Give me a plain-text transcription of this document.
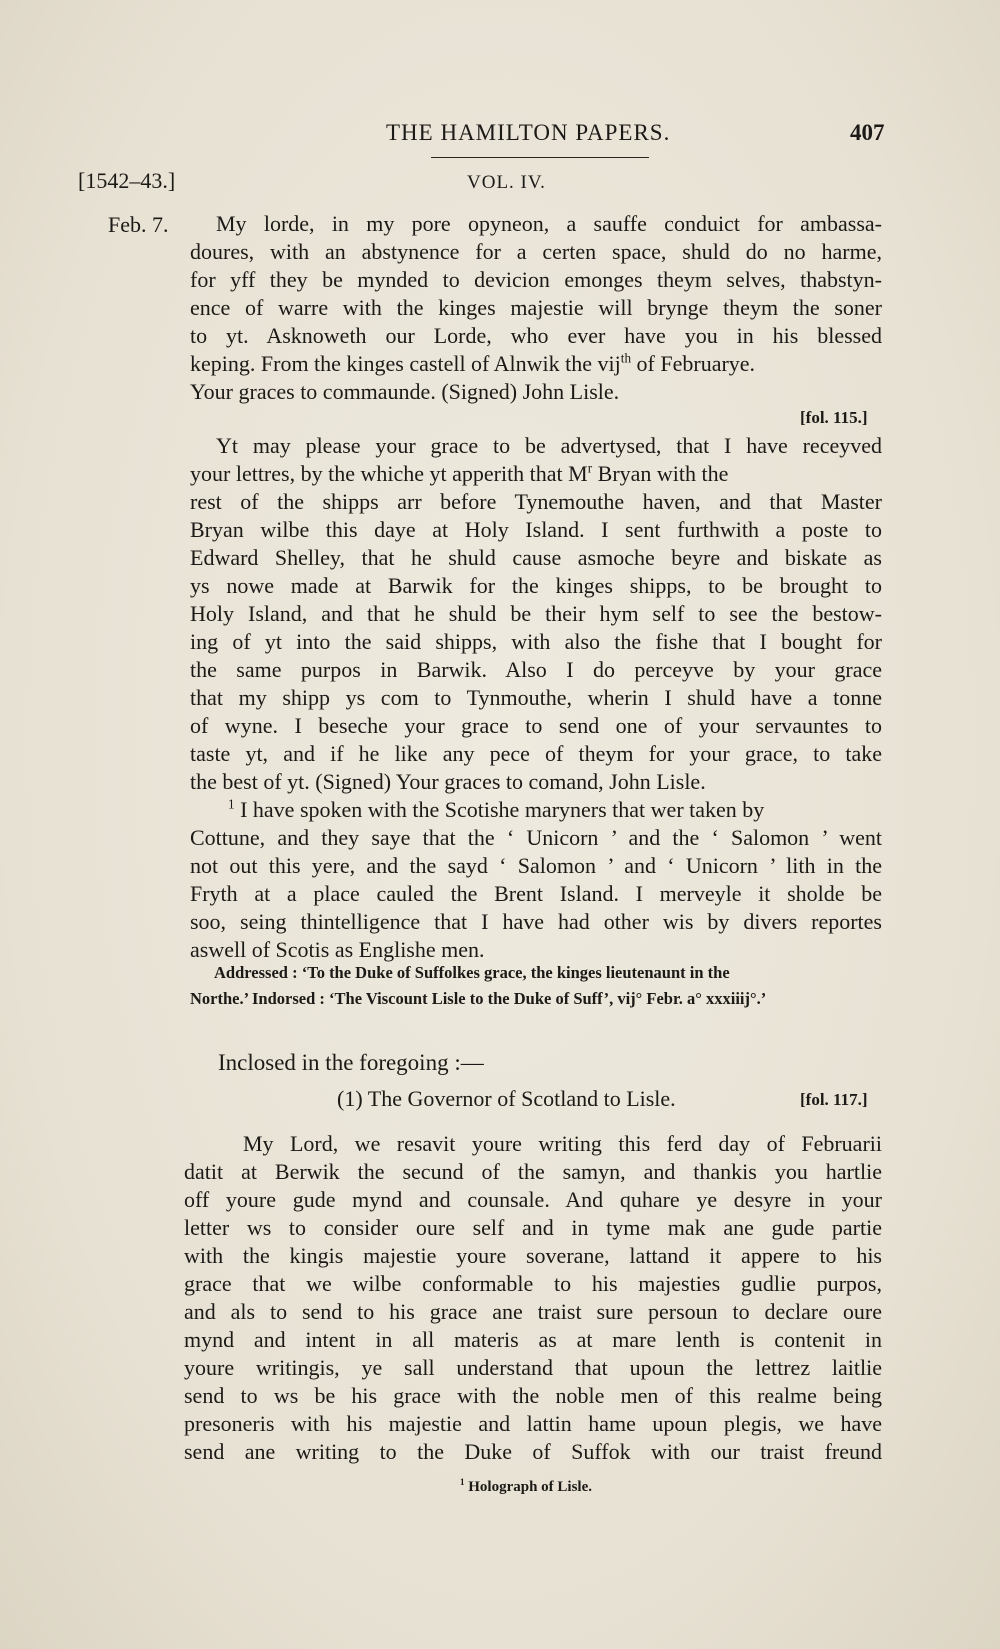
THE HAMILTON PAPERS.	407
[1542–43.]	VOL. IV.
Feb. 7. My lorde, in my pore opyneon, a sauffe conduict for ambassa-
doures, with an abstynence for a certen space, shuld do no harme,
for yff they be mynded to devicion emonges theym selves, thabstyn-
ence of warre with the kinges majestie will brynge theym the soner
to yt. Asknoweth our Lorde, who ever have you in his blessed
keping. From the kinges castell of Alnwik the vij$^{th}$ of Februarye.
Your graces to commaunde. (Signed) John Lisle.
[fol. 115.]
Yt may please your grace to be advertysed, that I have receyved
your lettres, by the whiche yt apperith that $M^r$ Bryan with the
rest of the shipps arr before Tynemouthe haven, and that Master
Bryan wilbe this daye at Holy Island. I sent furthwith a poste to
Edward Shelley, that he shuld cause asmoche beyre and biskate as
ys nowe made at Barwik for the kinges shipps, to be brought to
Holy Island, and that he shuld be their hym self to see the bestow-
ing of yt into the said shipps, with also the fishe that I bought for
the same purpos in Barwik. Also I do perceyve by your grace
that my shipp ys com to Tynmouthe, wherin I shuld have a tonne
of wyne. I beseche your grace to send one of your servauntes to
taste yt, and if he like any pece of theym for your grace, to take
the best of yt. (Signed) Your graces to comand, John Lisle.
$^1$ I have spoken with the Scotishe maryners that wer taken by
Cottune, and they saye that the ‘ Unicorn ’ and the ‘ Salomon ’ went
not out this yere, and the sayd ‘ Salomon ’ and ‘ Unicorn ’ lith in the
Fryth at a place cauled the Brent Island. I merveyle it sholde be
soo, seing thintelligence that I have had other wis by divers reportes
aswell of Scotis as Englishe men.
Addressed : ‘To the Duke of Suffolkes grace, the kinges lieutenaunt in the
Northe.’ Indorsed : ‘The Viscount Lisle to the Duke of Suff’, vij° Febr. a° xxxiiij°.’
Inclosed in the foregoing :—
(1) The Governor of Scotland to Lisle.	[fol. 117.]
My Lord, we resavit youre writing this ferd day of Februarii
datit at Berwik the secund of the samyn, and thankis you hartlie
off youre gude mynd and counsale. And quhare ye desyre in your
letter ws to consider oure self and in tyme mak ane gude partie
with the kingis majestie youre soverane, lattand it appere to his
grace that we wilbe conformable to his majesties gudlie purpos,
and als to send to his grace ane traist sure persoun to declare oure
mynd and intent in all materis as at mare lenth is contenit in
youre writingis, ye sall understand that upoun the lettrez laitlie
send to ws be his grace with the noble men of this realme being
presoneris with his majestie and lattin hame upoun plegis, we have
send ane writing to the Duke of Suffok with our traist freund
$^1$ Holograph of Lisle.
